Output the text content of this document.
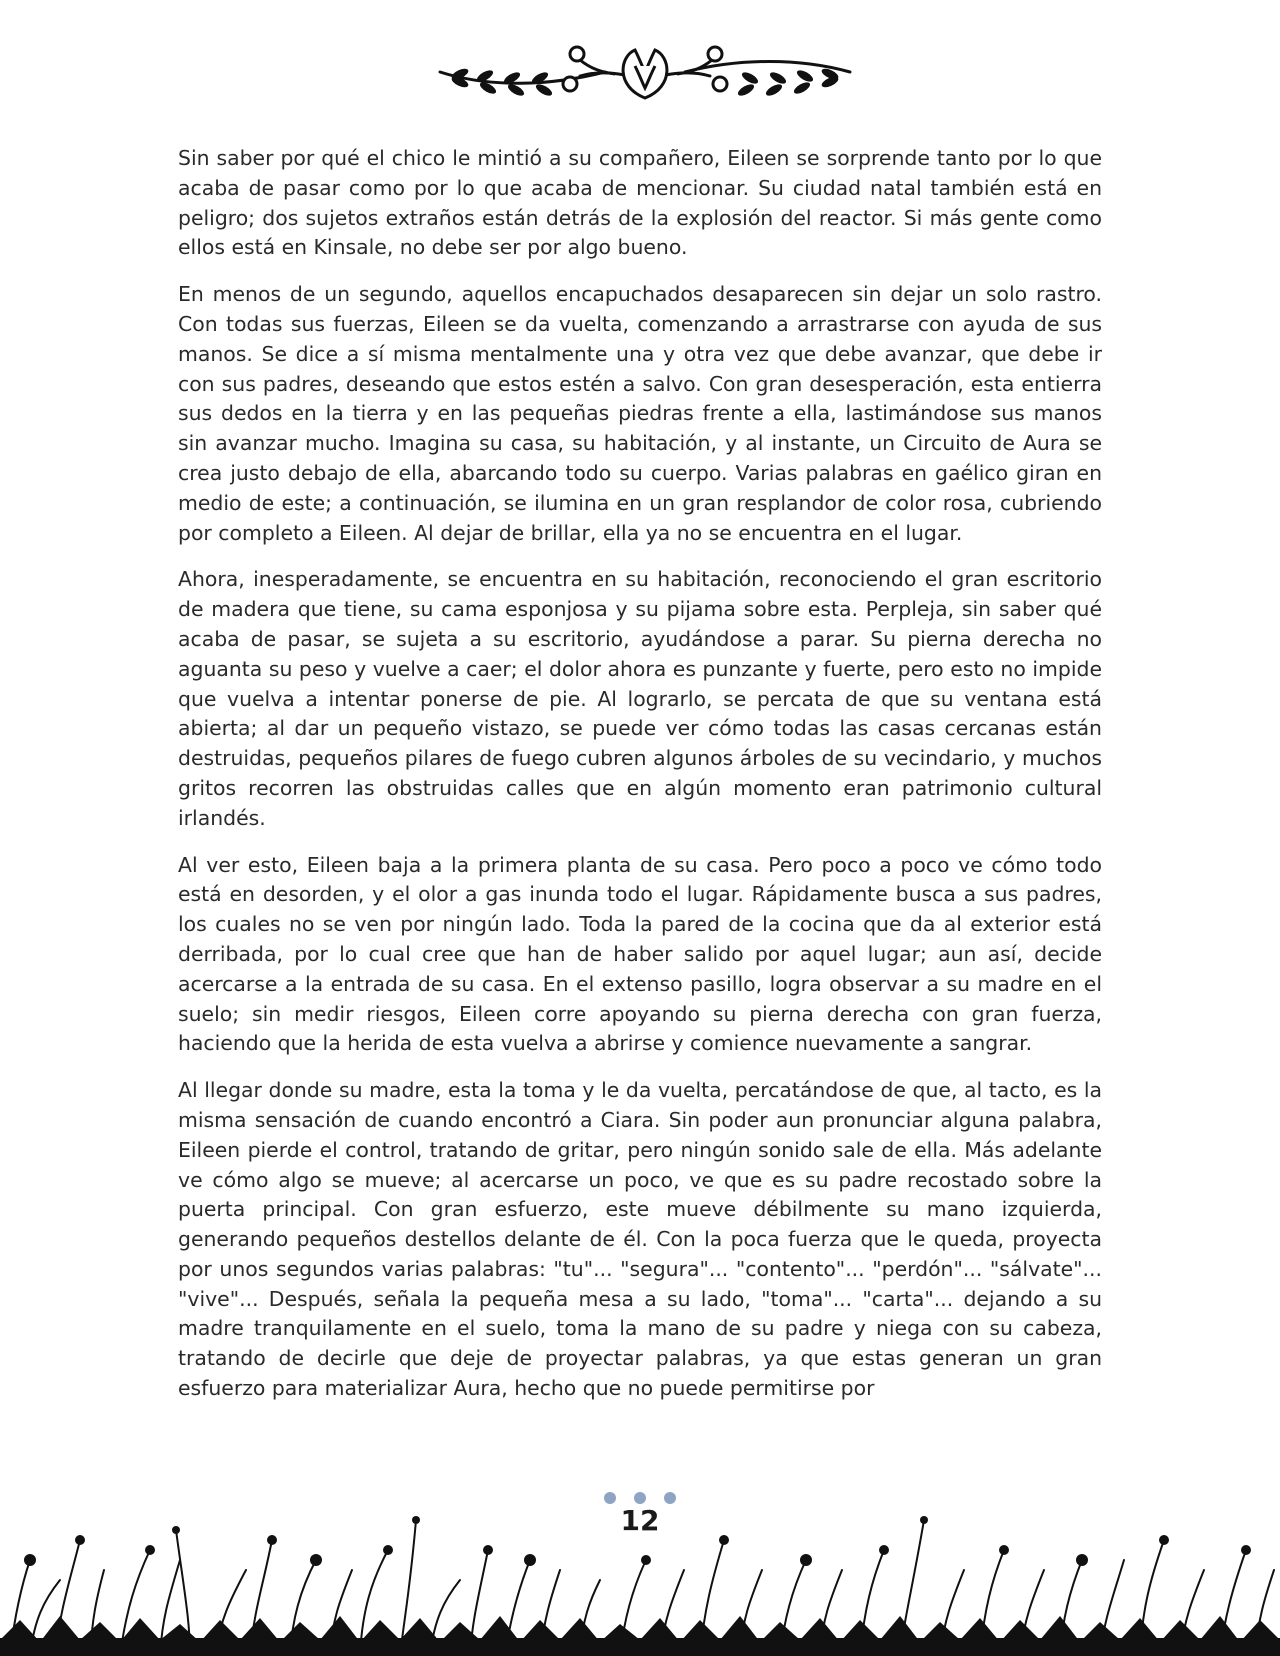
Sin saber por qué el chico le mintió a su compañero, Eileen se sorprende tanto por lo que acaba de pasar como por lo que acaba de mencionar. Su ciudad natal también está en peligro; dos sujetos extraños están detrás de la explosión del reactor. Si más gente como ellos está en Kinsale, no debe ser por algo bueno.

En menos de un segundo, aquellos encapuchados desaparecen sin dejar un solo rastro. Con todas sus fuerzas, Eileen se da vuelta, comenzando a arrastrarse con ayuda de sus manos. Se dice a sí misma mentalmente una y otra vez que debe avanzar, que debe ir con sus padres, deseando que estos estén a salvo. Con gran desesperación, esta entierra sus dedos en la tierra y en las pequeñas piedras frente a ella, lastimándose sus manos sin avanzar mucho. Imagina su casa, su habitación, y al instante, un Circuito de Aura se crea justo debajo de ella, abarcando todo su cuerpo. Varias palabras en gaélico giran en medio de este; a continuación, se ilumina en un gran resplandor de color rosa, cubriendo por completo a Eileen. Al dejar de brillar, ella ya no se encuentra en el lugar.

Ahora, inesperadamente, se encuentra en su habitación, reconociendo el gran escritorio de madera que tiene, su cama esponjosa y su pijama sobre esta. Perpleja, sin saber qué acaba de pasar, se sujeta a su escritorio, ayudándose a parar. Su pierna derecha no aguanta su peso y vuelve a caer; el dolor ahora es punzante y fuerte, pero esto no impide que vuelva a intentar ponerse de pie. Al lograrlo, se percata de que su ventana está abierta; al dar un pequeño vistazo, se puede ver cómo todas las casas cercanas están destruidas, pequeños pilares de fuego cubren algunos árboles de su vecindario, y muchos gritos recorren las obstruidas calles que en algún momento eran patrimonio cultural irlandés.

Al ver esto, Eileen baja a la primera planta de su casa. Pero poco a poco ve cómo todo está en desorden, y el olor a gas inunda todo el lugar. Rápidamente busca a sus padres, los cuales no se ven por ningún lado. Toda la pared de la cocina que da al exterior está derribada, por lo cual cree que han de haber salido por aquel lugar; aun así, decide acercarse a la entrada de su casa. En el extenso pasillo, logra observar a su madre en el suelo; sin medir riesgos, Eileen corre apoyando su pierna derecha con gran fuerza, haciendo que la herida de esta vuelva a abrirse y comience nuevamente a sangrar.

Al llegar donde su madre, esta la toma y le da vuelta, percatándose de que, al tacto, es la misma sensación de cuando encontró a Ciara. Sin poder aun pronunciar alguna palabra, Eileen pierde el control, tratando de gritar, pero ningún sonido sale de ella. Más adelante ve cómo algo se mueve; al acercarse un poco, ve que es su padre recostado sobre la puerta principal. Con gran esfuerzo, este mueve débilmente su mano izquierda, generando pequeños destellos delante de él. Con la poca fuerza que le queda, proyecta por unos segundos varias palabras: "tu"... "segura"... "contento"... "perdón"... "sálvate"... "vive"... Después, señala la pequeña mesa a su lado, "toma"... "carta"... dejando a su madre tranquilamente en el suelo, toma la mano de su padre y niega con su cabeza, tratando de decirle que deje de proyectar palabras, ya que estas generan un gran esfuerzo para materializar Aura, hecho que no puede permitirse por

12
